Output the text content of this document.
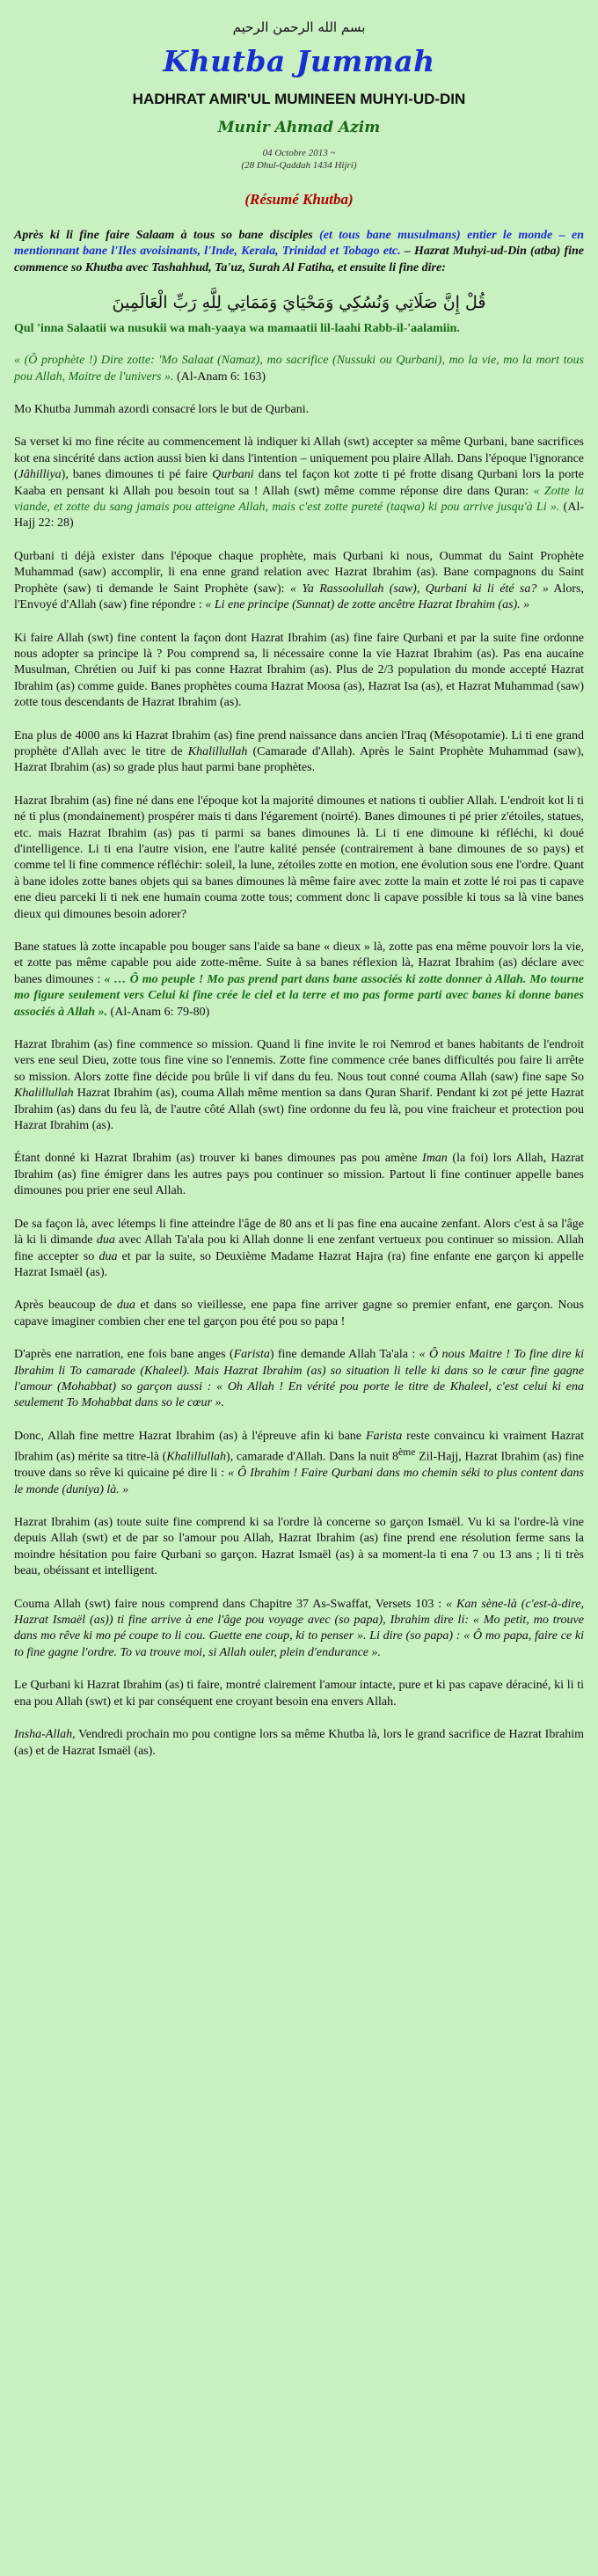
بسم الله الرحمن الرحيم
Khutba Jummah
HADHRAT AMIR'UL MUMINEEN MUHYI-UD-DIN
Munir Ahmad Azim
04 Octobre 2013 ~
(28 Dhul-Qaddah 1434 Hijri)
(Résumé Khutba)

Après ki li fine faire Salaam à tous so bane disciples (et tous bane musulmans) entier le monde – en mentionnant bane l'Iles avoisinants, l'Inde, Kerala, Trinidad et Tobago etc. – Hazrat Muhyi-ud-Din (atba) fine commence so Khutba avec Tashahhud, Ta'uz, Surah Al Fatiha, et ensuite li fine dire:

قُلْ إِنَّ صَلَاتِي وَنُسُكِي وَمَحْيَايَ وَمَمَاتِي لِلَّهِ رَبِّ الْعَالَمِينَ

Qul 'inna Salaatii wa nusukii wa mah-yaaya wa mamaatii lil-laahi Rabb-il-'aalamiin.

« (Ô prophète !) Dire zotte: 'Mo Salaat (Namaz), mo sacrifice (Nussuki ou Qurbani), mo la vie, mo la mort tous pou Allah, Maitre de l'univers ». (Al-Anam 6: 163)

Mo Khutba Jummah azordi consacré lors le but de Qurbani.

Sa verset ki mo fine récite au commencement là indiquer ki Allah (swt) accepter sa même Qurbani, bane sacrifices kot ena sincérité dans action aussi bien ki dans l'intention – uniquement pou plaire Allah. Dans l'époque l'ignorance (Jâhilliya), banes dimounes ti pé faire Qurbani dans tel façon kot zotte ti pé frotte disang Qurbani lors la porte Kaaba en pensant ki Allah pou besoin tout sa ! Allah (swt) même comme réponse dire dans Quran: « Zotte la viande, et zotte du sang jamais pou atteigne Allah, mais c'est zotte pureté (taqwa) ki pou arrive jusqu'à Li ». (Al-Hajj 22: 28)

Qurbani ti déjà exister dans l'époque chaque prophète, mais Qurbani ki nous, Oummat du Saint Prophète Muhammad (saw) accomplir, li ena enne grand relation avec Hazrat Ibrahim (as). Bane compagnons du Saint Prophète (saw) ti demande le Saint Prophète (saw): « Ya Rassoolullah (saw), Qurbani ki li été sa? » Alors, l'Envoyé d'Allah (saw) fine répondre : « Li ene principe (Sunnat) de zotte ancêtre Hazrat Ibrahim (as). »

Ki faire Allah (swt) fine content la façon dont Hazrat Ibrahim (as) fine faire Qurbani et par la suite fine ordonne nous adopter sa principe là ? Pou comprend sa, li nécessaire conne la vie Hazrat Ibrahim (as). Pas ena aucaine Musulman, Chrétien ou Juif ki pas conne Hazrat Ibrahim (as). Plus de 2/3 population du monde accepté Hazrat Ibrahim (as) comme guide. Banes prophètes couma Hazrat Moosa (as), Hazrat Isa (as), et Hazrat Muhammad (saw) zotte tous descendants de Hazrat Ibrahim (as).

Ena plus de 4000 ans ki Hazrat Ibrahim (as) fine prend naissance dans ancien l'Iraq (Mésopotamie). Li ti ene grand prophète d'Allah avec le titre de Khalillullah (Camarade d'Allah). Après le Saint Prophète Muhammad (saw), Hazrat Ibrahim (as) so grade plus haut parmi bane prophètes.

Hazrat Ibrahim (as) fine né dans ene l'époque kot la majorité dimounes et nations ti oublier Allah. L'endroit kot li ti né ti plus (mondainement) prospérer mais ti dans l'égarement (noirté). Banes dimounes ti pé prier z'étoiles, statues, etc. mais Hazrat Ibrahim (as) pas ti parmi sa banes dimounes là. Li ti ene dimoune ki réfléchi, ki doué d'intelligence. Li ti ena l'autre vision, ene l'autre kalité pensée (contrairement à bane dimounes de so pays) et comme tel li fine commence réfléchir: soleil, la lune, zétoiles zotte en motion, ene évolution sous ene l'ordre. Quant à bane idoles zotte banes objets qui sa banes dimounes là même faire avec zotte la main et zotte lé roi pas ti capave ene dieu parceki li ti nek ene humain couma zotte tous; comment donc li capave possible ki tous sa là vine banes dieux qui dimounes besoin adorer?

Bane statues là zotte incapable pou bouger sans l'aide sa bane « dieux » là, zotte pas ena même pouvoir lors la vie, et zotte pas même capable pou aide zotte-même. Suite à sa banes réflexion là, Hazrat Ibrahim (as) déclare avec banes dimounes : « … Ô mo peuple ! Mo pas prend part dans bane associés ki zotte donner à Allah. Mo tourne mo figure seulement vers Celui ki fine crée le ciel et la terre et mo pas forme parti avec banes ki donne banes associés à Allah ». (Al-Anam 6: 79-80)

Hazrat Ibrahim (as) fine commence so mission. Quand li fine invite le roi Nemrod et banes habitants de l'endroit vers ene seul Dieu, zotte tous fine vine so l'ennemis. Zotte fine commence crée banes difficultés pou faire li arrête so mission. Alors zotte fine décide pou brûle li vif dans du feu. Nous tout conné couma Allah (saw) fine sape So Khalillullah Hazrat Ibrahim (as), couma Allah même mention sa dans Quran Sharif. Pendant ki zot pé jette Hazrat Ibrahim (as) dans du feu là, de l'autre côté Allah (swt) fine ordonne du feu là, pou vine fraicheur et protection pou Hazrat Ibrahim (as).

Étant donné ki Hazrat Ibrahim (as) trouver ki banes dimounes pas pou amène Iman (la foi) lors Allah, Hazrat Ibrahim (as) fine émigrer dans les autres pays pou continuer so mission. Partout li fine continuer appelle banes dimounes pou prier ene seul Allah.

De sa façon là, avec létemps li fine atteindre l'âge de 80 ans et li pas fine ena aucaine zenfant. Alors c'est à sa l'âge là ki li dimande dua avec Allah Ta'ala pou ki Allah donne li ene zenfant vertueux pou continuer so mission. Allah fine accepter so dua et par la suite, so Deuxième Madame Hazrat Hajra (ra) fine enfante ene garçon ki appelle Hazrat Ismaël (as).

Après beaucoup de dua et dans so vieillesse, ene papa fine arriver gagne so premier enfant, ene garçon. Nous capave imaginer combien cher ene tel garçon pou été pou so papa !

D'après ene narration, ene fois bane anges (Farista) fine demande Allah Ta'ala : « Ô nous Maitre ! To fine dire ki Ibrahim li To camarade (Khaleel). Mais Hazrat Ibrahim (as) so situation li telle ki dans so le cœur fine gagne l'amour (Mohabbat) so garçon aussi : « Oh Allah ! En vérité pou porte le titre de Khaleel, c'est celui ki ena seulement To Mohabbat dans so le cœur ».

Donc, Allah fine mettre Hazrat Ibrahim (as) à l'épreuve afin ki bane Farista reste convaincu ki vraiment Hazrat Ibrahim (as) mérite sa titre-là (Khalillullah), camarade d'Allah. Dans la nuit 8ème Zil-Hajj, Hazrat Ibrahim (as) fine trouve dans so rêve ki quicaine pé dire li : « Ô Ibrahim ! Faire Qurbani dans mo chemin séki to plus content dans le monde (duniya) là. »

Hazrat Ibrahim (as) toute suite fine comprend ki sa l'ordre là concerne so garçon Ismaël. Vu ki sa l'ordre-là vine depuis Allah (swt) et de par so l'amour pou Allah, Hazrat Ibrahim (as) fine prend ene résolution ferme sans la moindre hésitation pou faire Qurbani so garçon. Hazrat Ismaël (as) à sa moment-la ti ena 7 ou 13 ans ; li ti très beau, obéissant et intelligent.

Couma Allah (swt) faire nous comprend dans Chapitre 37 As-Swaffat, Versets 103 : « Kan sène-là (c'est-à-dire, Hazrat Ismaël (as)) ti fine arrive à ene l'âge pou voyage avec (so papa), Ibrahim dire li: « Mo petit, mo trouve dans mo rêve ki mo pé coupe to li cou. Guette ene coup, ki to penser ». Li dire (so papa) : « Ô mo papa, faire ce ki to fine gagne l'ordre. To va trouve moi, si Allah ouler, plein d'endurance ».

Le Qurbani ki Hazrat Ibrahim (as) ti faire, montré clairement l'amour intacte, pure et ki pas capave déraciné, ki li ti ena pou Allah (swt) et ki par conséquent ene croyant besoin ena envers Allah.

Insha-Allah, Vendredi prochain mo pou contigne lors sa même Khutba là, lors le grand sacrifice de Hazrat Ibrahim (as) et de Hazrat Ismaël (as).
